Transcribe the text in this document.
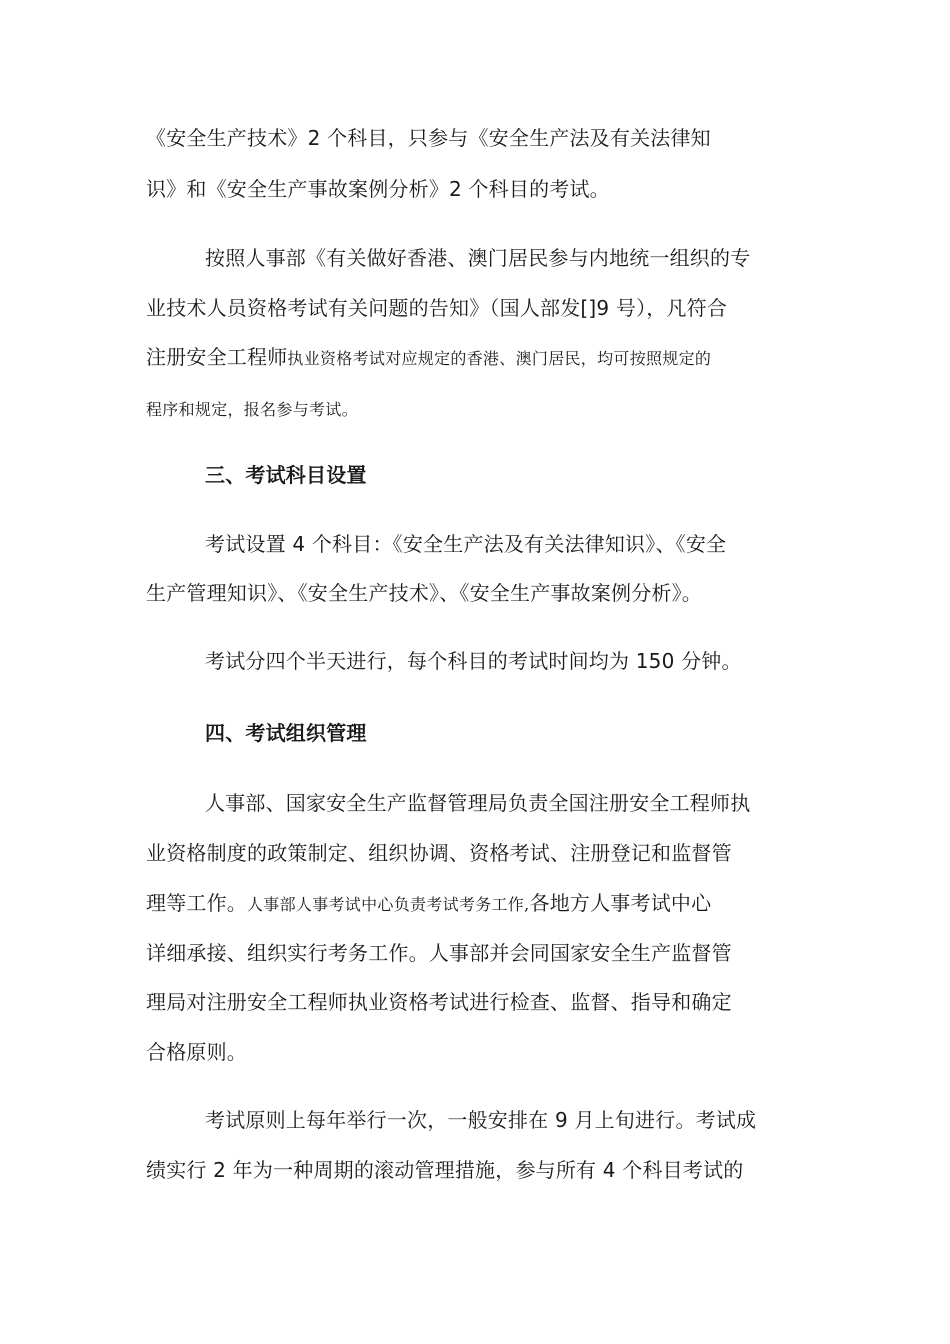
《安全生产技术》2 个科目，只参与《安全生产法及有关法律知
识》和《安全生产事故案例分析》2 个科目的考试。
按照人事部《有关做好香港、澳门居民参与内地统一组织的专
业技术人员资格考试有关问题的告知》（国人部发[]9 号），凡符合
注册安全工程师执业资格考试对应规定的香港、澳门居民，均可按照规定的
程序和规定，报名参与考试。
三、考试科目设置
考试设置 4 个科目：《安全生产法及有关法律知识》、《安全
生产管理知识》、《安全生产技术》、《安全生产事故案例分析》。
考试分四个半天进行，每个科目的考试时间均为 150 分钟。
四、考试组织管理
人事部、国家安全生产监督管理局负责全国注册安全工程师执
业资格制度的政策制定、组织协调、资格考试、注册登记和监督管
理等工作。人事部人事考试中心负责考试考务工作,各地方人事考试中心
详细承接、组织实行考务工作。人事部并会同国家安全生产监督管
理局对注册安全工程师执业资格考试进行检查、监督、指导和确定
合格原则。
考试原则上每年举行一次，一般安排在 9 月上旬进行。考试成
绩实行 2 年为一种周期的滚动管理措施，参与所有 4 个科目考试的
